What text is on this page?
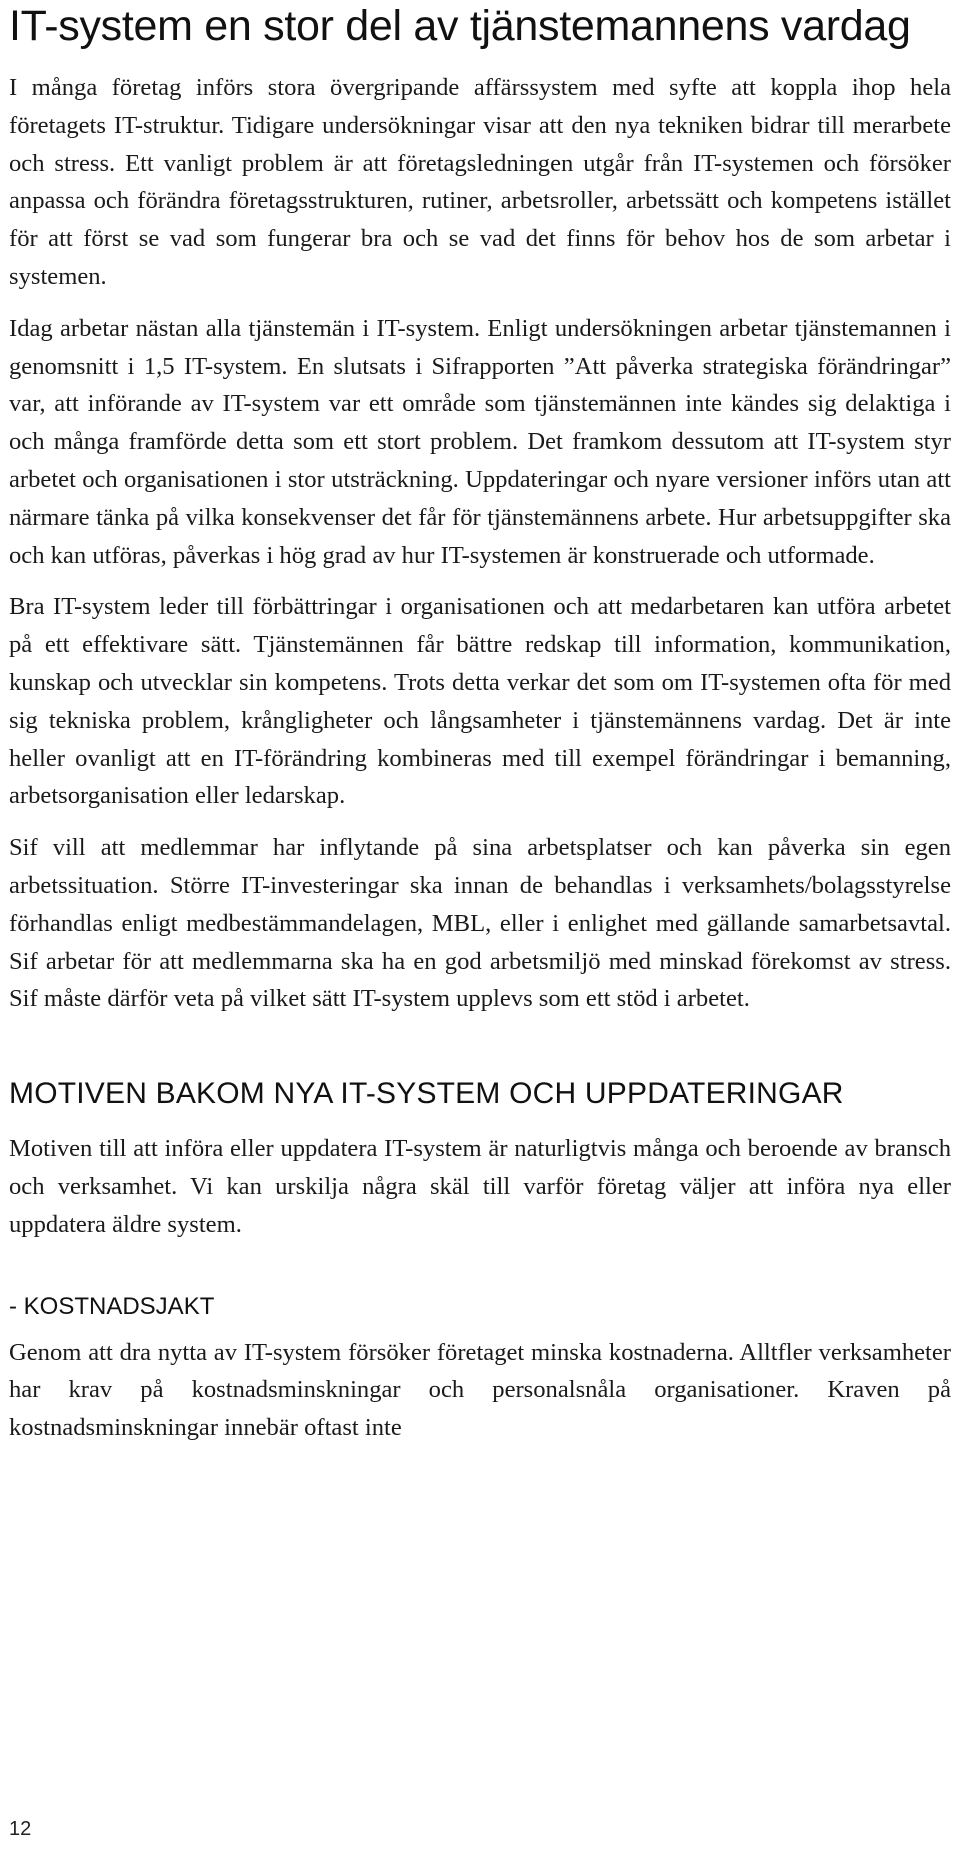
IT-system en stor del av tjänstemannens vardag

I många företag införs stora övergripande affärssystem med syfte att koppla ihop hela företagets IT-struktur. Tidigare undersökningar visar att den nya tekniken bidrar till merarbete och stress. Ett vanligt problem är att företagsledningen utgår från IT-systemen och försöker anpassa och förändra företagsstrukturen, rutiner, arbetsroller, arbetssätt och kompetens istället för att först se vad som fungerar bra och se vad det finns för behov hos de som arbetar i systemen.

Idag arbetar nästan alla tjänstemän i IT-system. Enligt undersökningen arbetar tjänstemannen i genomsnitt i 1,5 IT-system. En slutsats i Sifrapporten ”Att påverka strategiska förändringar” var, att införande av IT-system var ett område som tjänstemännen inte kändes sig delaktiga i och många framförde detta som ett stort problem. Det framkom dessutom att IT-system styr arbetet och organisationen i stor utsträckning. Uppdateringar och nyare versioner införs utan att närmare tänka på vilka konsekvenser det får för tjänstemännens arbete. Hur arbetsuppgifter ska och kan utföras, påverkas i hög grad av hur IT-systemen är konstruerade och utformade.

Bra IT-system leder till förbättringar i organisationen och att medarbetaren kan utföra arbetet på ett effektivare sätt. Tjänstemännen får bättre redskap till information, kommunikation, kunskap och utvecklar sin kompetens. Trots detta verkar det som om IT-systemen ofta för med sig tekniska problem, krångligheter och långsamheter i tjänstemännens vardag. Det är inte heller ovanligt att en IT-förändring kombineras med till exempel förändringar i bemanning, arbetsorganisation eller ledarskap.

Sif vill att medlemmar har inflytande på sina arbetsplatser och kan påverka sin egen arbetssituation. Större IT-investeringar ska innan de behandlas i verksamhets/bolagsstyrelse förhandlas enligt medbestämmandelagen, MBL, eller i enlighet med gällande samarbetsavtal. Sif arbetar för att medlemmarna ska ha en god arbetsmiljö med minskad förekomst av stress. Sif måste därför veta på vilket sätt IT-system upplevs som ett stöd i arbetet.

MOTIVEN BAKOM NYA IT-SYSTEM OCH UPPDATERINGAR

Motiven till att införa eller uppdatera IT-system är naturligtvis många och beroende av bransch och verksamhet. Vi kan urskilja några skäl till varför företag väljer att införa nya eller uppdatera äldre system.

- KOSTNADSJAKT

Genom att dra nytta av IT-system försöker företaget minska kostnaderna. Alltfler verksamheter har krav på kostnadsminskningar och personalsnåla organisationer. Kraven på kostnadsminskningar innebär oftast inte

12
